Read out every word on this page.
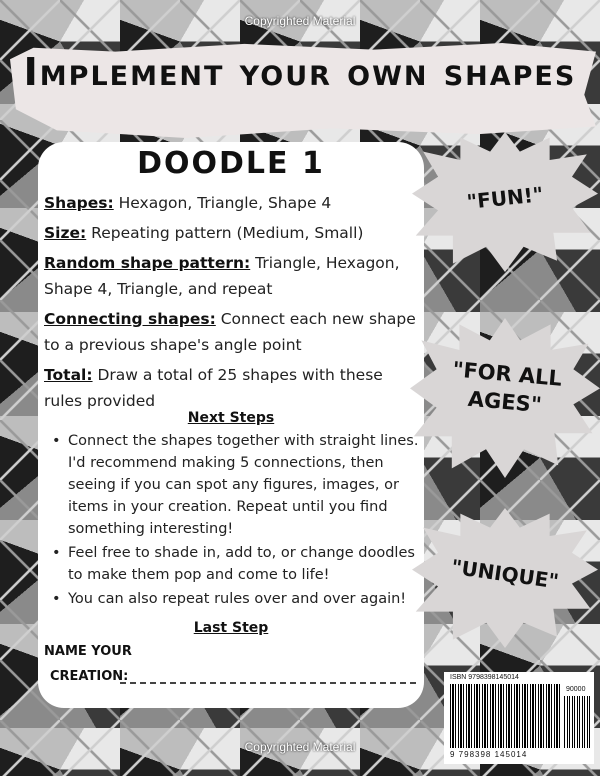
Copyrighted Material
Implement your own shapes
DOODLE 1

Shapes: Hexagon, Triangle, Shape 4

Size: Repeating pattern (Medium, Small)

Random shape pattern: Triangle, Hexagon, Shape 4, Triangle, and repeat

Connecting shapes: Connect each new shape to a previous shape's angle point

Total: Draw a total of 25 shapes with these rules provided

Next Steps
• Connect the shapes together with straight lines. I'd recommend making 5 connections, then seeing if you can spot any figures, images, or items in your creation. Repeat until you find something interesting!
• Feel free to shade in, add to, or change doodles to make them pop and come to life!
• You can also repeat rules over and over again!
Last Step
NAME YOUR
CREATION:
"FUN!"
"FOR ALL AGES"
"UNIQUE"
ISBN 9798398145014
90000
9 798398 145014
Copyrighted Material
